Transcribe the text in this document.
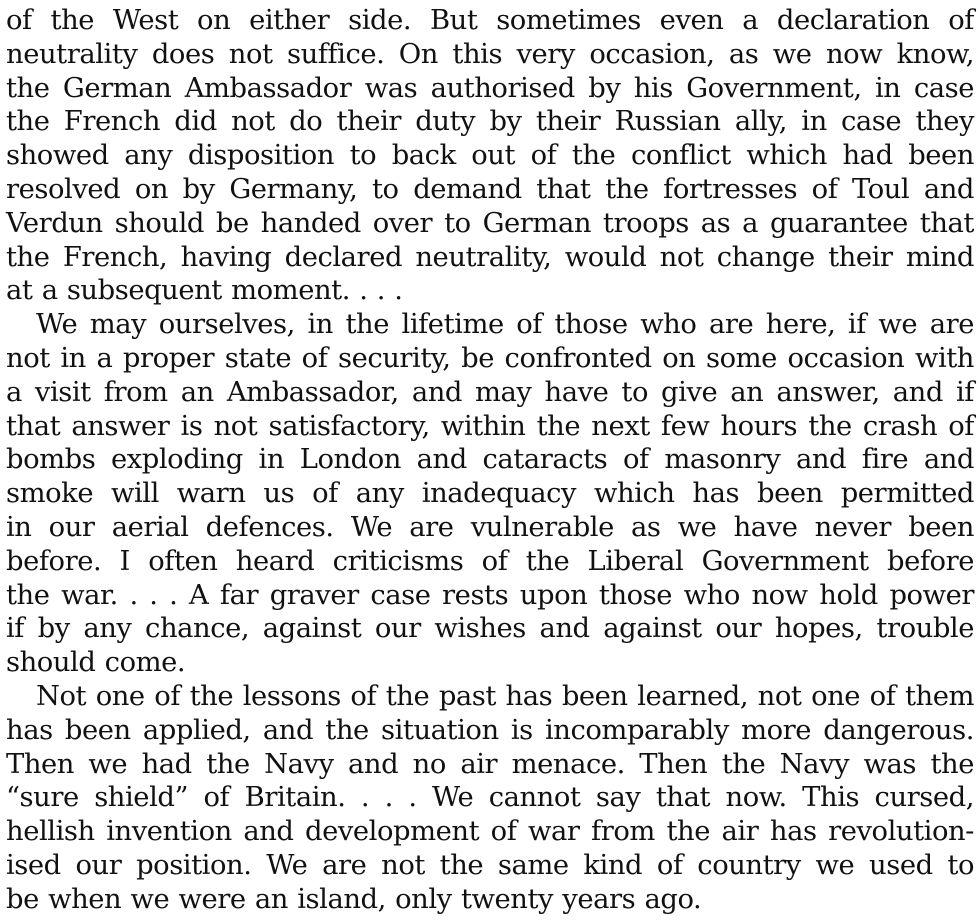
of the West on either side. But sometimes even a declaration of
neutrality does not suffice. On this very occasion, as we now know,
the German Ambassador was authorised by his Government, in case
the French did not do their duty by their Russian ally, in case they
showed any disposition to back out of the conflict which had been
resolved on by Germany, to demand that the fortresses of Toul and
Verdun should be handed over to German troops as a guarantee that
the French, having declared neutrality, would not change their mind
at a subsequent moment. . . .

We may ourselves, in the lifetime of those who are here, if we are
not in a proper state of security, be confronted on some occasion with
a visit from an Ambassador, and may have to give an answer, and if
that answer is not satisfactory, within the next few hours the crash of
bombs exploding in London and cataracts of masonry and fire and
smoke will warn us of any inadequacy which has been permitted
in our aerial defences. We are vulnerable as we have never been
before. I often heard criticisms of the Liberal Government before
the war. . . . A far graver case rests upon those who now hold power
if by any chance, against our wishes and against our hopes, trouble
should come.

Not one of the lessons of the past has been learned, not one of them
has been applied, and the situation is incomparably more dangerous.
Then we had the Navy and no air menace. Then the Navy was the
“sure shield” of Britain. . . . We cannot say that now. This cursed,
hellish invention and development of war from the air has revolution-
ised our position. We are not the same kind of country we used to
be when we were an island, only twenty years ago.
